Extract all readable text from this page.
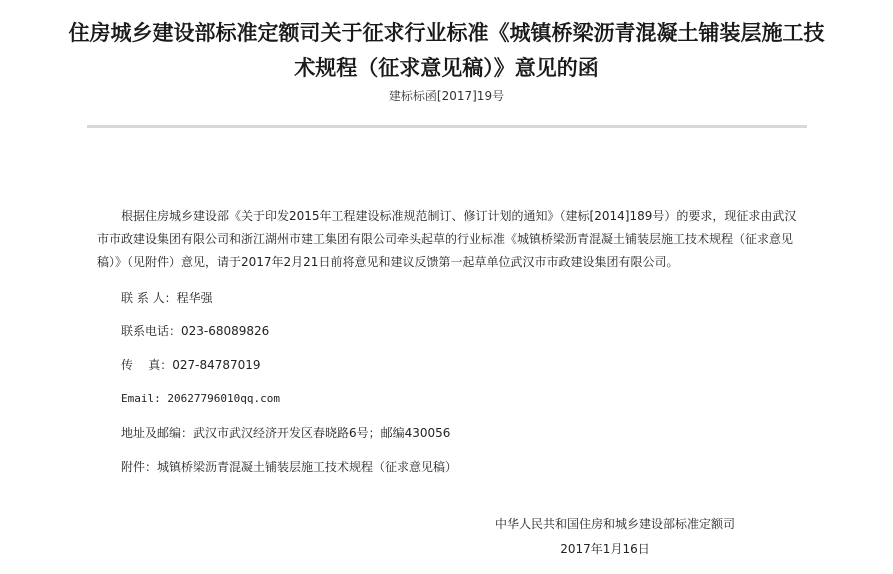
住房城乡建设部标准定额司关于征求行业标准《城镇桥梁沥青混凝土铺装层施工技
术规程（征求意见稿）》意见的函
建标标函[2017]19号

根据住房城乡建设部《关于印发2015年工程建设标准规范制订、修订计划的通知》（建标[2014]189号）的要求，现征求由武汉市市政建设集团有限公司和浙江湖州市建工集团有限公司牵头起草的行业标准《城镇桥梁沥青混凝土铺装层施工技术规程（征求意见稿）》（见附件）意见，请于2017年2月21日前将意见和建议反馈第一起草单位武汉市市政建设集团有限公司。

联 系 人：程华强
联系电话：023-68089826
传    真：027-84787019
Email: 20627796010qq.com
地址及邮编：武汉市武汉经济开发区春晓路6号；邮编430056
附件：城镇桥梁沥青混凝土铺装层施工技术规程（征求意见稿）
中华人民共和国住房和城乡建设部标准定额司
2017年1月16日
